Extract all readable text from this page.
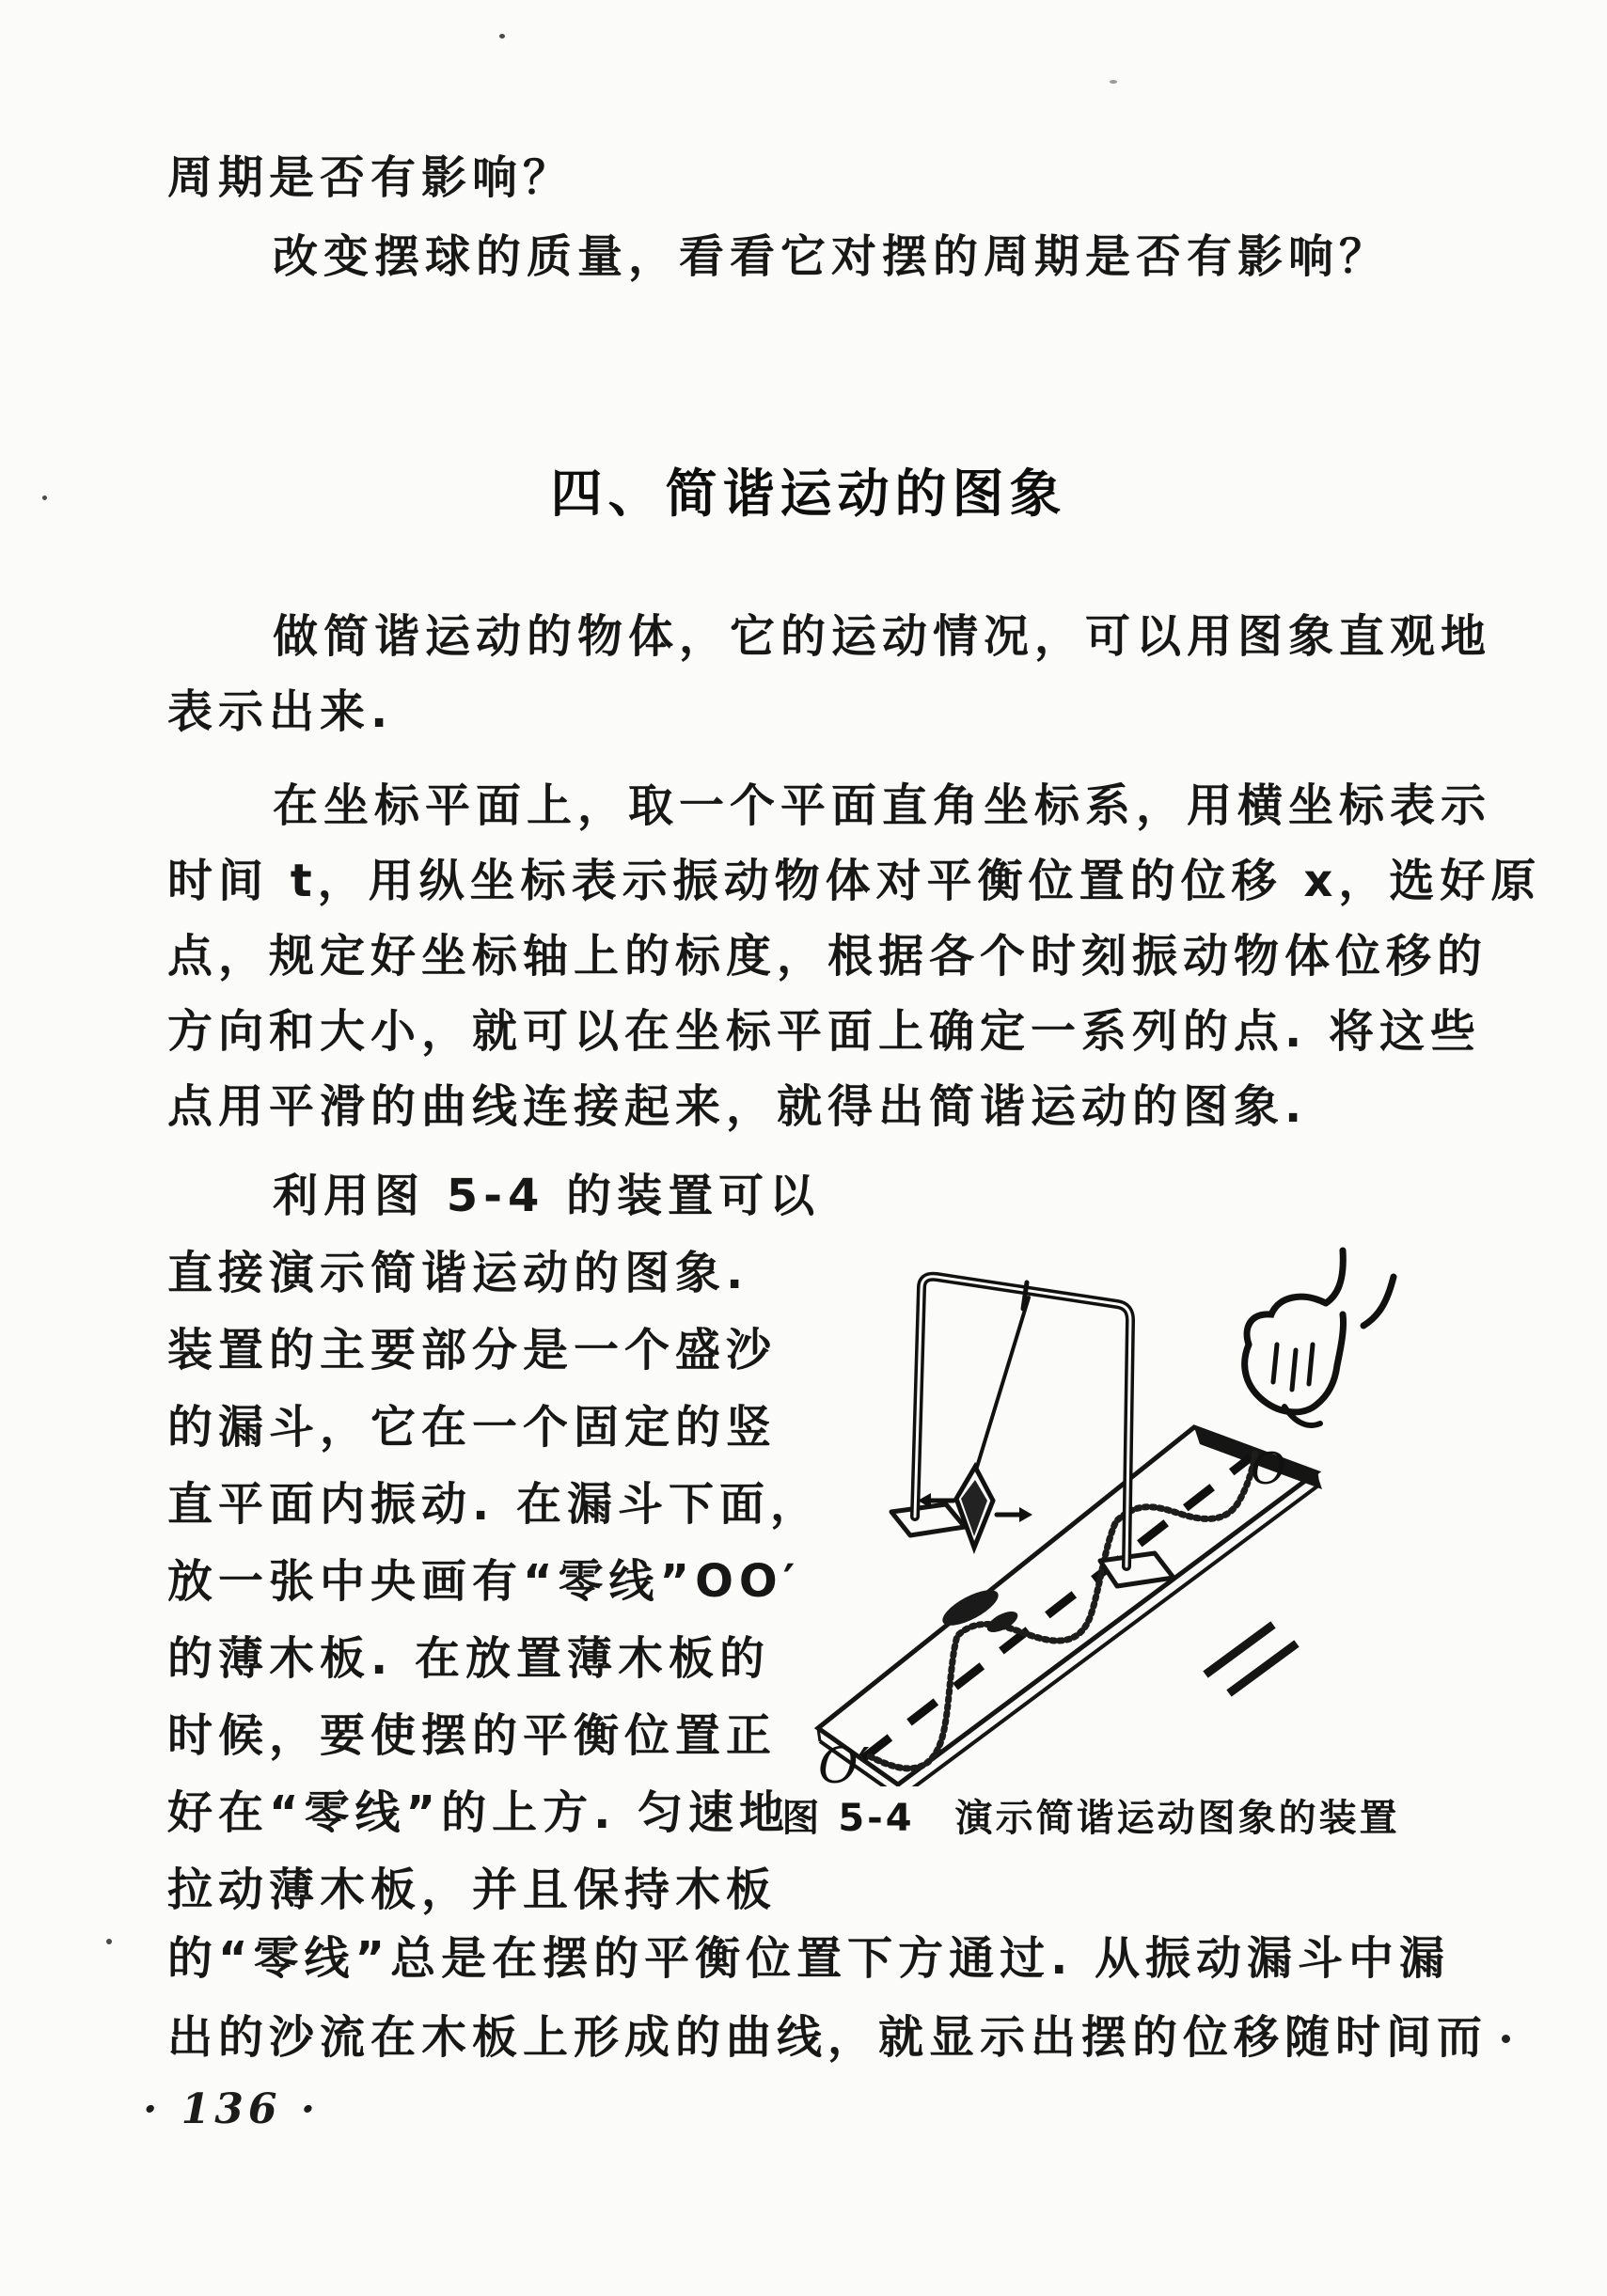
周期是否有影响？
改变摆球的质量，看看它对摆的周期是否有影响？
四、简谐运动的图象
做简谐运动的物体，它的运动情况，可以用图象直观地
表示出来.
在坐标平面上，取一个平面直角坐标系，用横坐标表示
时间 t，用纵坐标表示振动物体对平衡位置的位移 x，选好原
点，规定好坐标轴上的标度，根据各个时刻振动物体位移的
方向和大小，就可以在坐标平面上确定一系列的点. 将这些
点用平滑的曲线连接起来，就得出简谐运动的图象.
利用图 5-4 的装置可以
直接演示简谐运动的图象.
装置的主要部分是一个盛沙
的漏斗，它在一个固定的竖
直平面内振动. 在漏斗下面，
放一张中央画有“零线”OO′
的薄木板. 在放置薄木板的
时候，要使摆的平衡位置正
好在“零线”的上方. 匀速地
拉动薄木板，并且保持木板
的“零线”总是在摆的平衡位置下方通过. 从振动漏斗中漏
出的沙流在木板上形成的曲线，就显示出摆的位移随时间而
O
O′
图 5-4　演示简谐运动图象的装置
· 136 ·
